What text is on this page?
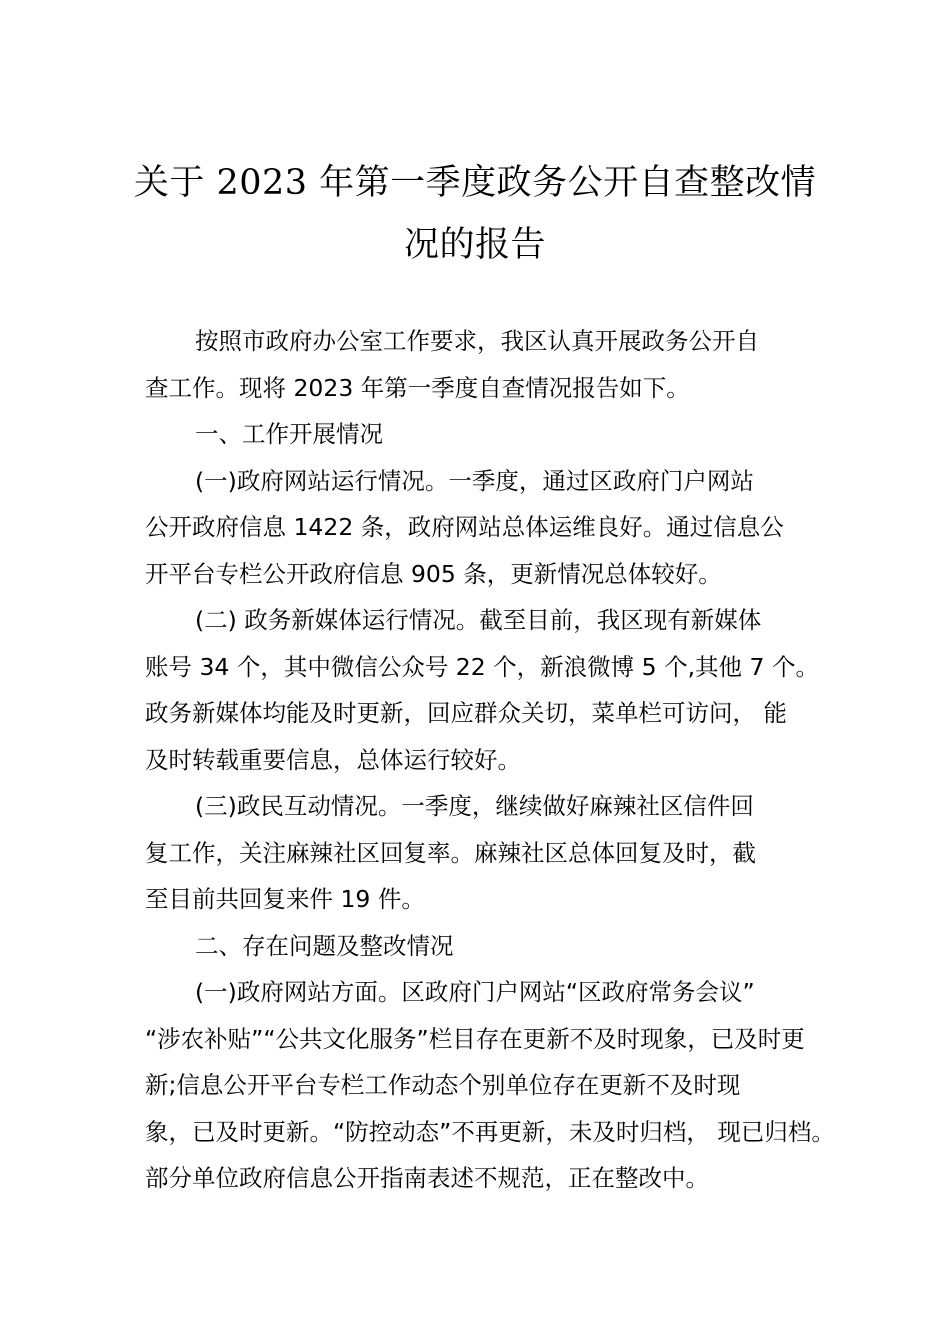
关于 2023 年第一季度政务公开自查整改情
况的报告

按照市政府办公室工作要求，我区认真开展政务公开自
查工作。现将 2023 年第一季度自查情况报告如下。

一、工作开展情况

(一)政府网站运行情况。一季度，通过区政府门户网站
公开政府信息 1422 条，政府网站总体运维良好。通过信息公
开平台专栏公开政府信息 905 条，更新情况总体较好。

(二) 政务新媒体运行情况。截至目前，我区现有新媒体
账号 34 个，其中微信公众号 22 个，新浪微博 5 个,其他 7 个。
政务新媒体均能及时更新，回应群众关切，菜单栏可访问， 能
及时转载重要信息，总体运行较好。

(三)政民互动情况。一季度，继续做好麻辣社区信件回
复工作，关注麻辣社区回复率。麻辣社区总体回复及时，截
至目前共回复来件 19 件。

二、存在问题及整改情况

(一)政府网站方面。区政府门户网站“区政府常务会议”
“涉农补贴”“公共文化服务”栏目存在更新不及时现象，已及时更
新;信息公开平台专栏工作动态个别单位存在更新不及时现
象，已及时更新。“防控动态”不再更新，未及时归档， 现已归档。
部分单位政府信息公开指南表述不规范，正在整改中。
